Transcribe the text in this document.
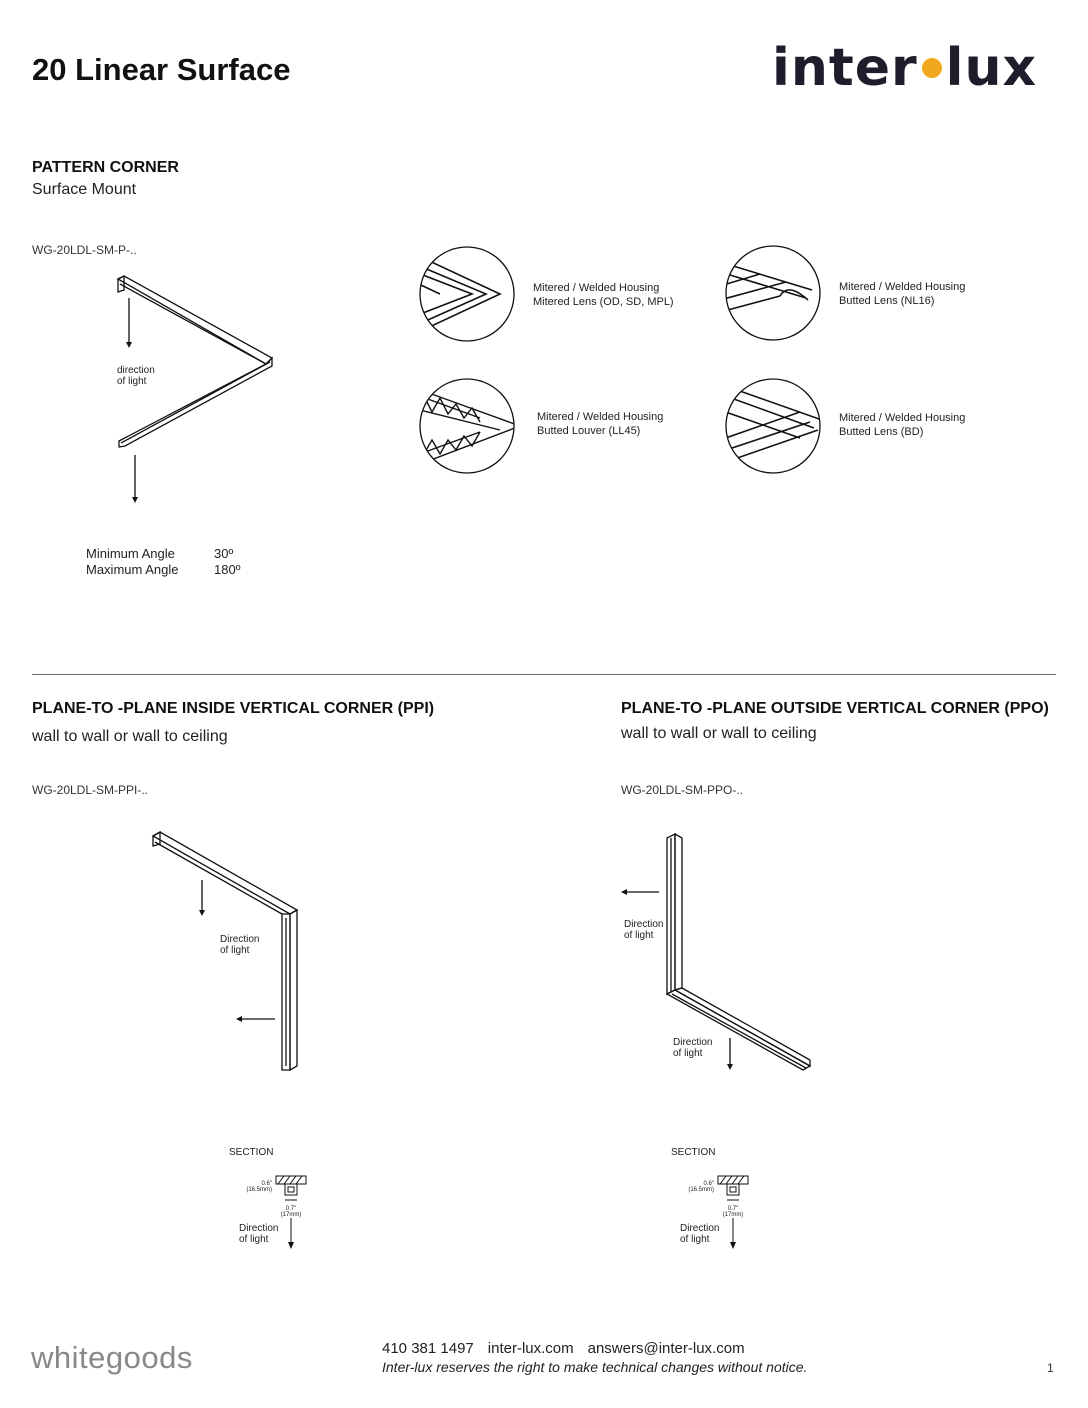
20 Linear Surface	inter lux
PATTERN CORNER
Surface Mount
WG-20LDL-SM-P-..
direction
of light
Minimum Angle	30º
Maximum Angle	180º
Mitered / Welded Housing
Mitered Lens (OD, SD, MPL)
Mitered / Welded Housing
Butted Lens (NL16)
Mitered / Welded Housing
Butted Louver (LL45)
Mitered / Welded Housing
Butted Lens (BD)
PLANE-TO -PLANE INSIDE VERTICAL CORNER (PPI)
wall to wall or wall to ceiling
WG-20LDL-SM-PPI-..
Direction
of light
SECTION
0.6"
(16.5mm)
0.7"
(17mm)
Direction
of light
PLANE-TO -PLANE OUTSIDE VERTICAL CORNER (PPO)
wall to wall or wall to ceiling
WG-20LDL-SM-PPO-..
Direction
of light
Direction
of light
SECTION
0.6"
(16.5mm)
0.7"
(17mm)
Direction
of light
whitegoods	410 381 1497 inter-lux.com answers@inter-lux.com
Inter-lux reserves the right to make technical changes without notice.	1
